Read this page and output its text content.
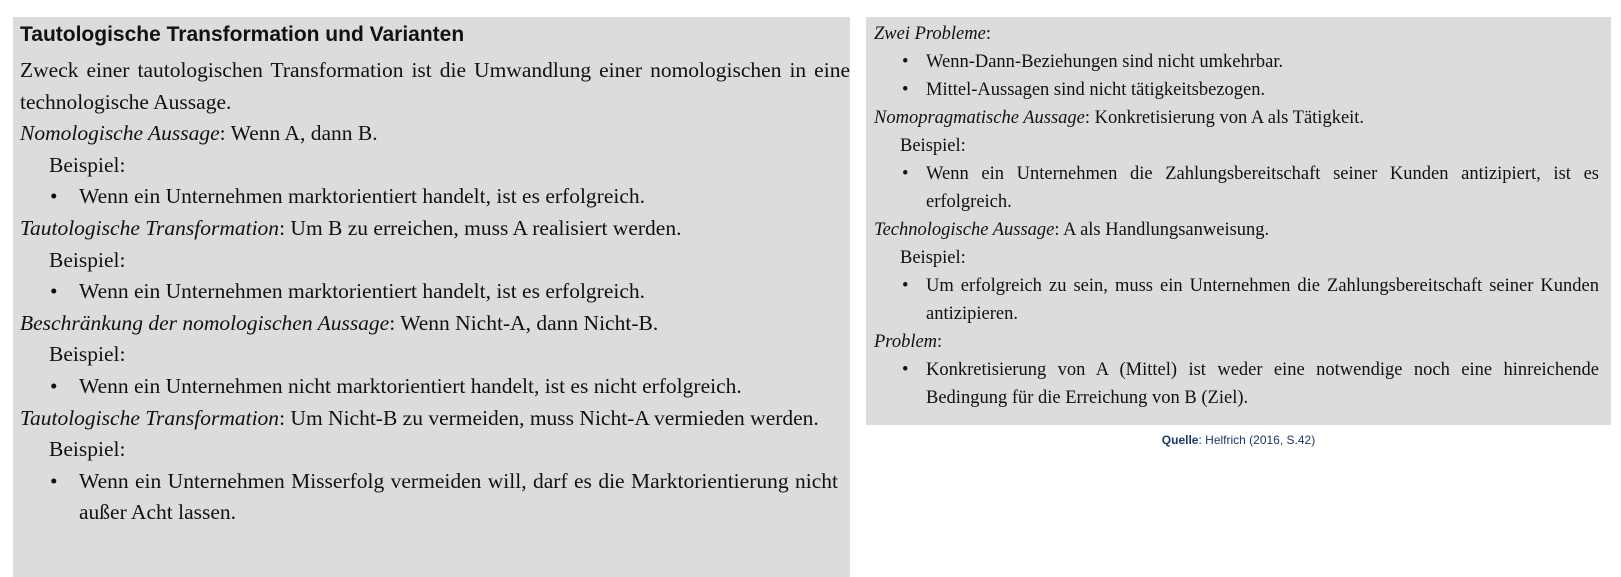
Tautologische Transformation und Varianten

Zweck einer tautologischen Transformation ist die Umwandlung einer nomologischen in eine technologische Aussage.

Nomologische Aussage: Wenn A, dann B.

Beispiel:

• Wenn ein Unternehmen marktorientiert handelt, ist es erfolgreich.

Tautologische Transformation: Um B zu erreichen, muss A realisiert werden.

Beispiel:

• Wenn ein Unternehmen marktorientiert handelt, ist es erfolgreich.

Beschränkung der nomologischen Aussage: Wenn Nicht-A, dann Nicht-B.

Beispiel:

• Wenn ein Unternehmen nicht marktorientiert handelt, ist es nicht erfolgreich.

Tautologische Transformation: Um Nicht-B zu vermeiden, muss Nicht-A vermieden werden.

Beispiel:

• Wenn ein Unternehmen Misserfolg vermeiden will, darf es die Marktorientierung nicht außer Acht lassen.

Zwei Probleme:

• Wenn-Dann-Beziehungen sind nicht umkehrbar.
• Mittel-Aussagen sind nicht tätigkeitsbezogen.

Nomopragmatische Aussage: Konkretisierung von A als Tätigkeit.

Beispiel:

• Wenn ein Unternehmen die Zahlungsbereitschaft seiner Kunden antizipiert, ist es erfolgreich.

Technologische Aussage: A als Handlungsanweisung.

Beispiel:

• Um erfolgreich zu sein, muss ein Unternehmen die Zahlungsbereitschaft seiner Kunden antizipieren.

Problem:

• Konkretisierung von A (Mittel) ist weder eine notwendige noch eine hinreichende Bedingung für die Erreichung von B (Ziel).
Quelle: Helfrich (2016, S.42)
